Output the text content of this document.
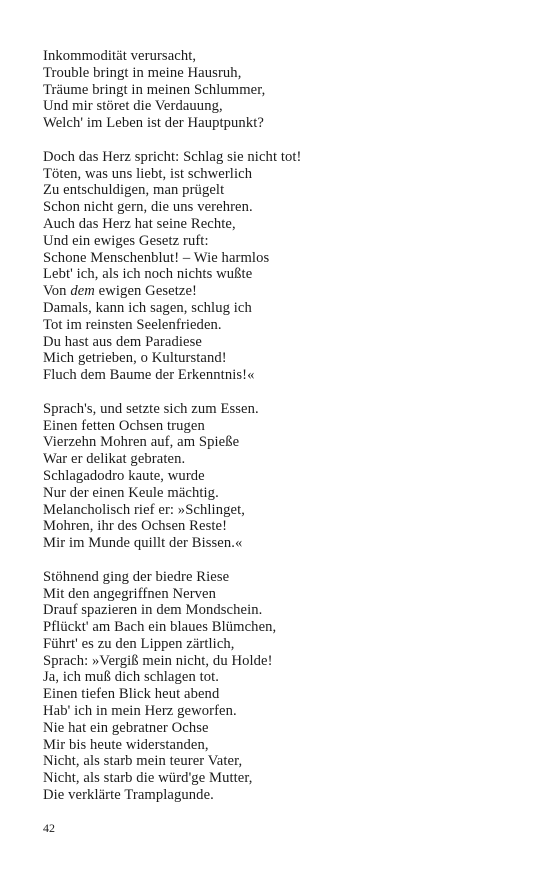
Inkommodität verursacht,
Trouble bringt in meine Hausruh,
Träume bringt in meinen Schlummer,
Und mir störet die Verdauung,
Welch' im Leben ist der Hauptpunkt?
Doch das Herz spricht: Schlag sie nicht tot!
Töten, was uns liebt, ist schwerlich
Zu entschuldigen, man prügelt
Schon nicht gern, die uns verehren.
Auch das Herz hat seine Rechte,
Und ein ewiges Gesetz ruft:
Schone Menschenblut! – Wie harmlos
Lebt' ich, als ich noch nichts wußte
Von dem ewigen Gesetze!
Damals, kann ich sagen, schlug ich
Tot im reinsten Seelenfrieden.
Du hast aus dem Paradiese
Mich getrieben, o Kulturstand!
Fluch dem Baume der Erkenntnis!«
Sprach's, und setzte sich zum Essen.
Einen fetten Ochsen trugen
Vierzehn Mohren auf, am Spieße
War er delikat gebraten.
Schlagadodro kaute, wurde
Nur der einen Keule mächtig.
Melancholisch rief er: »Schlinget,
Mohren, ihr des Ochsen Reste!
Mir im Munde quillt der Bissen.«
Stöhnend ging der biedre Riese
Mit den angegriffnen Nerven
Drauf spazieren in dem Mondschein.
Pflückt' am Bach ein blaues Blümchen,
Führt' es zu den Lippen zärtlich,
Sprach: »Vergiß mein nicht, du Holde!
Ja, ich muß dich schlagen tot.
Einen tiefen Blick heut abend
Hab' ich in mein Herz geworfen.
Nie hat ein gebratner Ochse
Mir bis heute widerstanden,
Nicht, als starb mein teurer Vater,
Nicht, als starb die würd'ge Mutter,
Die verklärte Tramplagunde.
42
